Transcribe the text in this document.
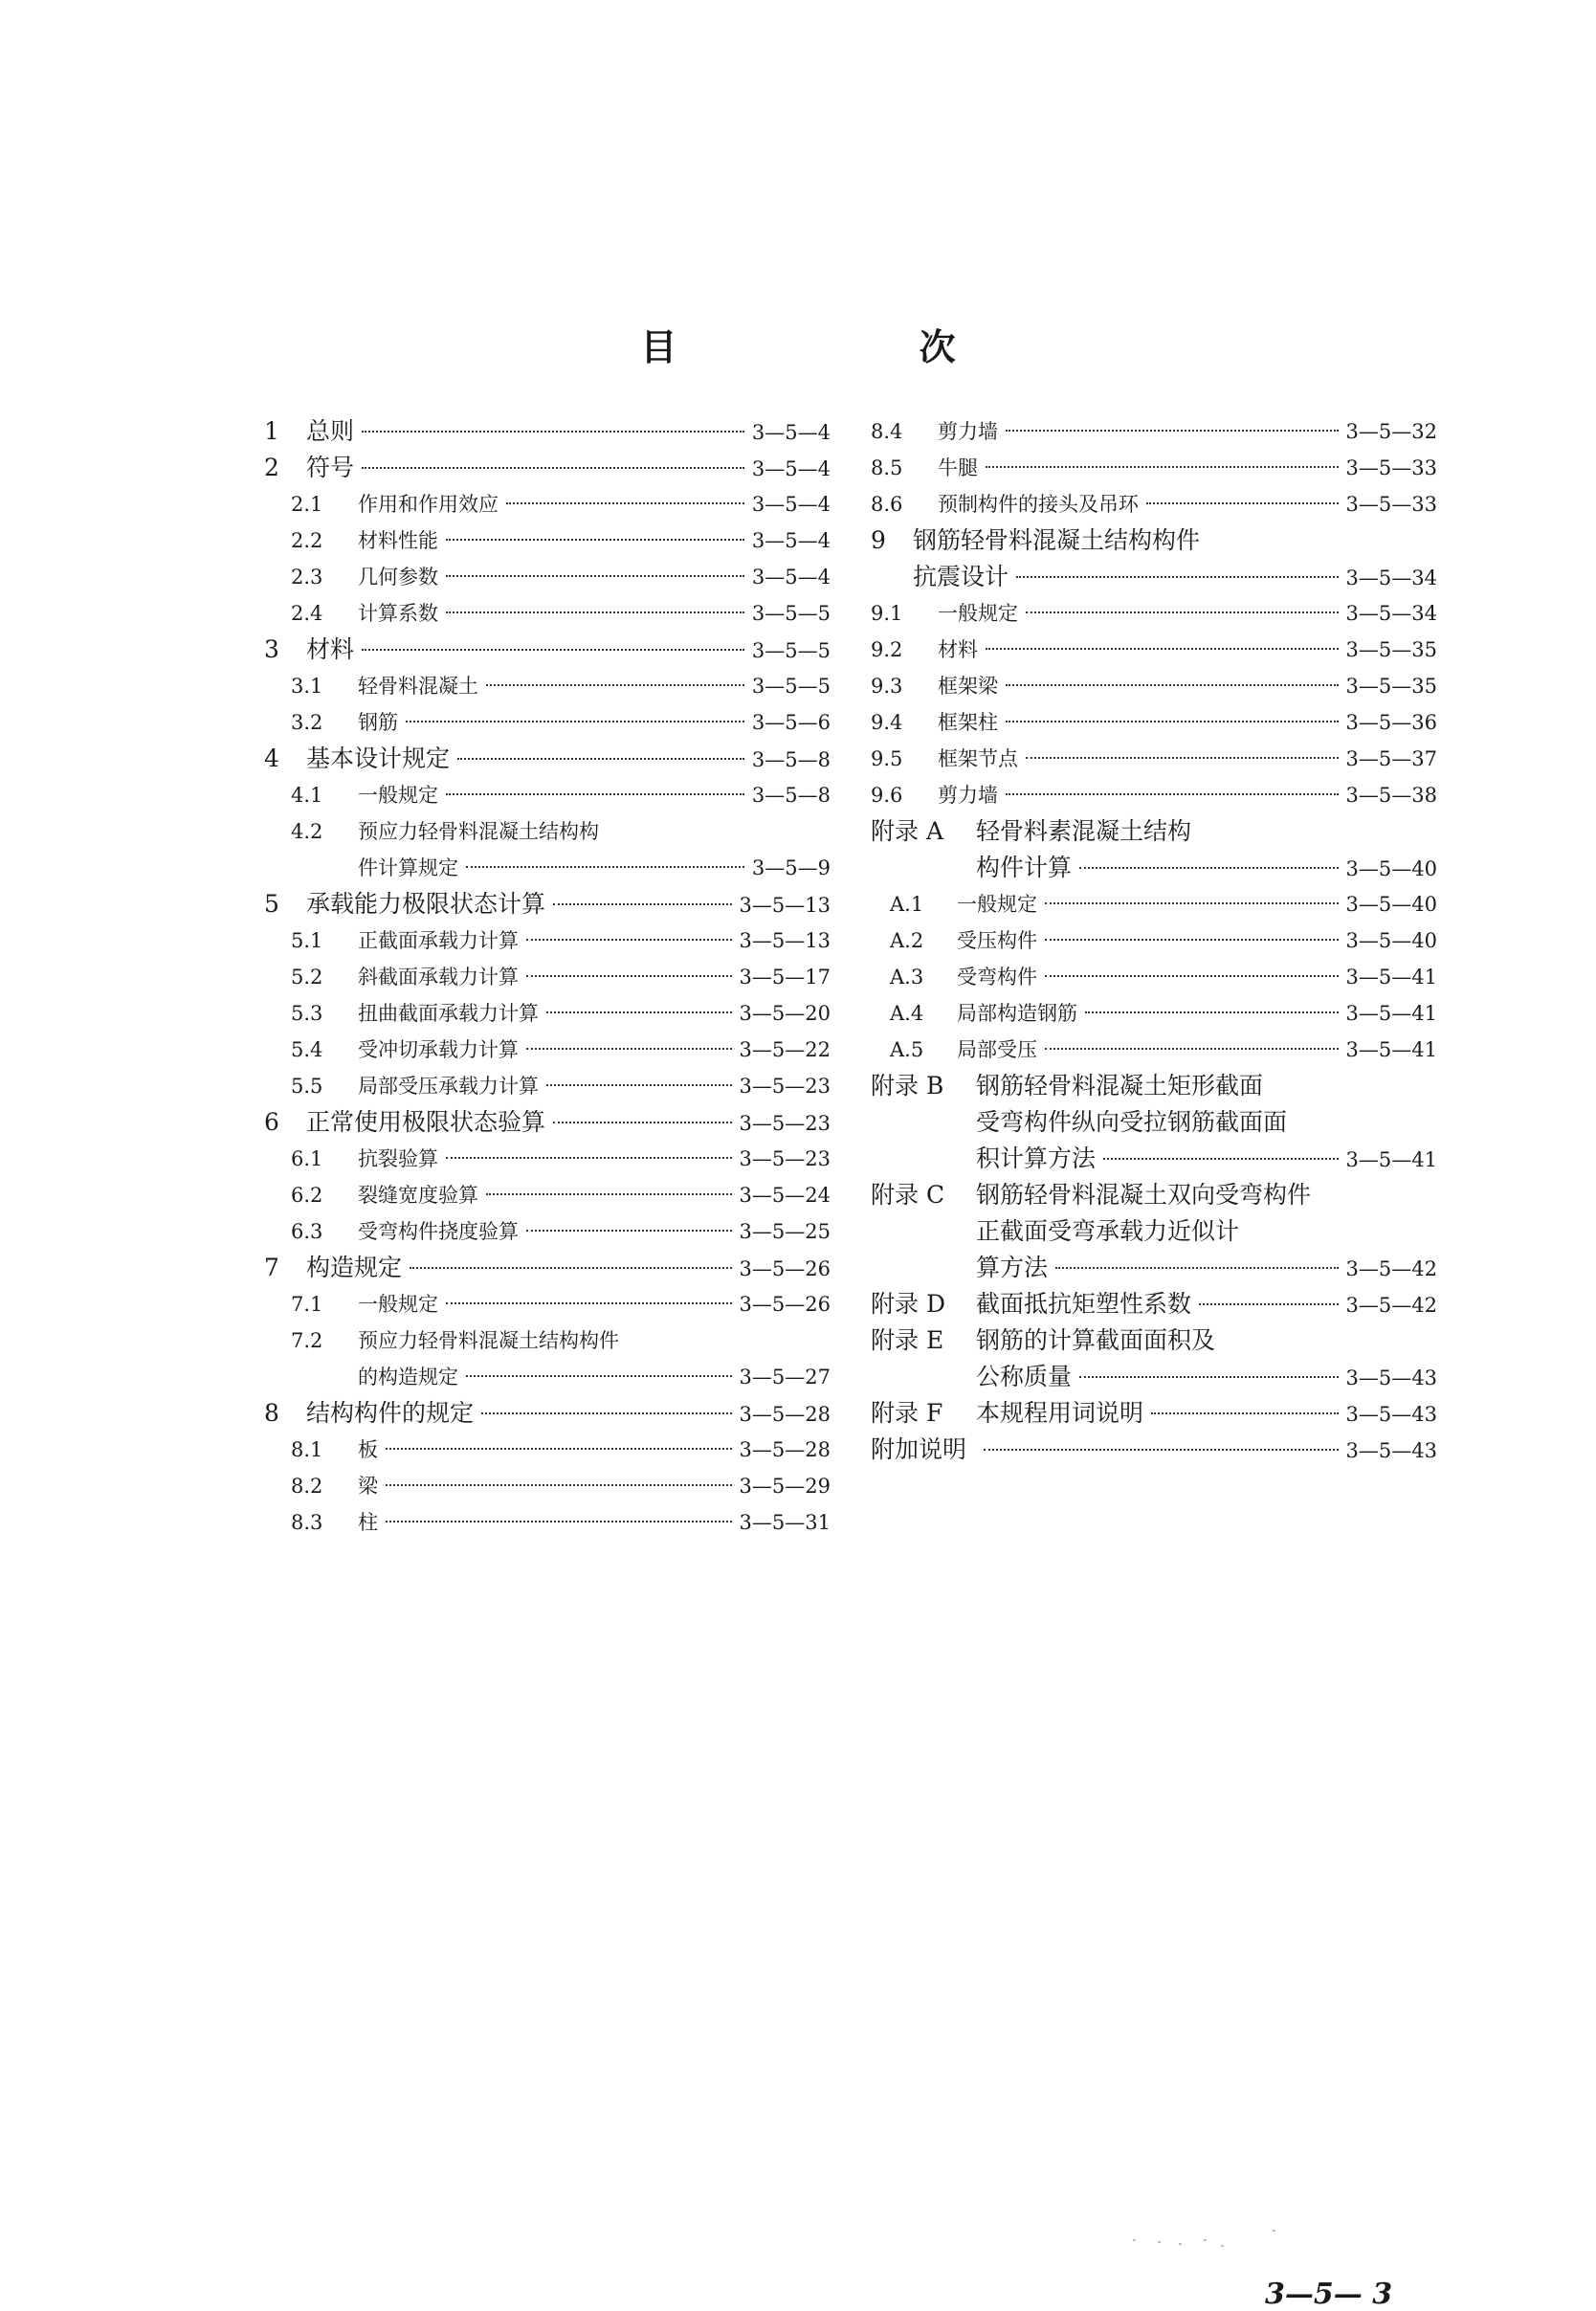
目 次
1	总则	3—5—4
2	符号	3—5—4
2.1	作用和作用效应	3—5—4
2.2	材料性能	3—5—4
2.3	几何参数	3—5—4
2.4	计算系数	3—5—5
3	材料	3—5—5
3.1	轻骨料混凝土	3—5—5
3.2	钢筋	3—5—6
4	基本设计规定	3—5—8
4.1	一般规定	3—5—8
4.2	预应力轻骨料混凝土结构构
件计算规定	3—5—9
5	承载能力极限状态计算	3—5—13
5.1	正截面承载力计算	3—5—13
5.2	斜截面承载力计算	3—5—17
5.3	扭曲截面承载力计算	3—5—20
5.4	受冲切承载力计算	3—5—22
5.5	局部受压承载力计算	3—5—23
6	正常使用极限状态验算	3—5—23
6.1	抗裂验算	3—5—23
6.2	裂缝宽度验算	3—5—24
6.3	受弯构件挠度验算	3—5—25
7	构造规定	3—5—26
7.1	一般规定	3—5—26
7.2	预应力轻骨料混凝土结构构件
的构造规定	3—5—27
8	结构构件的规定	3—5—28
8.1	板	3—5—28
8.2	梁	3—5—29
8.3	柱	3—5—31
8.4	剪力墙	3—5—32
8.5	牛腿	3—5—33
8.6	预制构件的接头及吊环	3—5—33
9	钢筋轻骨料混凝土结构构件
抗震设计	3—5—34
9.1	一般规定	3—5—34
9.2	材料	3—5—35
9.3	框架梁	3—5—35
9.4	框架柱	3—5—36
9.5	框架节点	3—5—37
9.6	剪力墙	3—5—38
附录 A	轻骨料素混凝土结构
构件计算	3—5—40
A.1	一般规定	3—5—40
A.2	受压构件	3—5—40
A.3	受弯构件	3—5—41
A.4	局部构造钢筋	3—5—41
A.5	局部受压	3—5—41
附录 B	钢筋轻骨料混凝土矩形截面
受弯构件纵向受拉钢筋截面面
积计算方法	3—5—41
附录 C	钢筋轻骨料混凝土双向受弯构件
正截面受弯承载力近似计
算方法	3—5—42
附录 D	截面抵抗矩塑性系数	3—5—42
附录 E	钢筋的计算截面面积及
公称质量	3—5—43
附录 F	本规程用词说明	3—5—43
附加说明	3—5—43
3—5— 3
